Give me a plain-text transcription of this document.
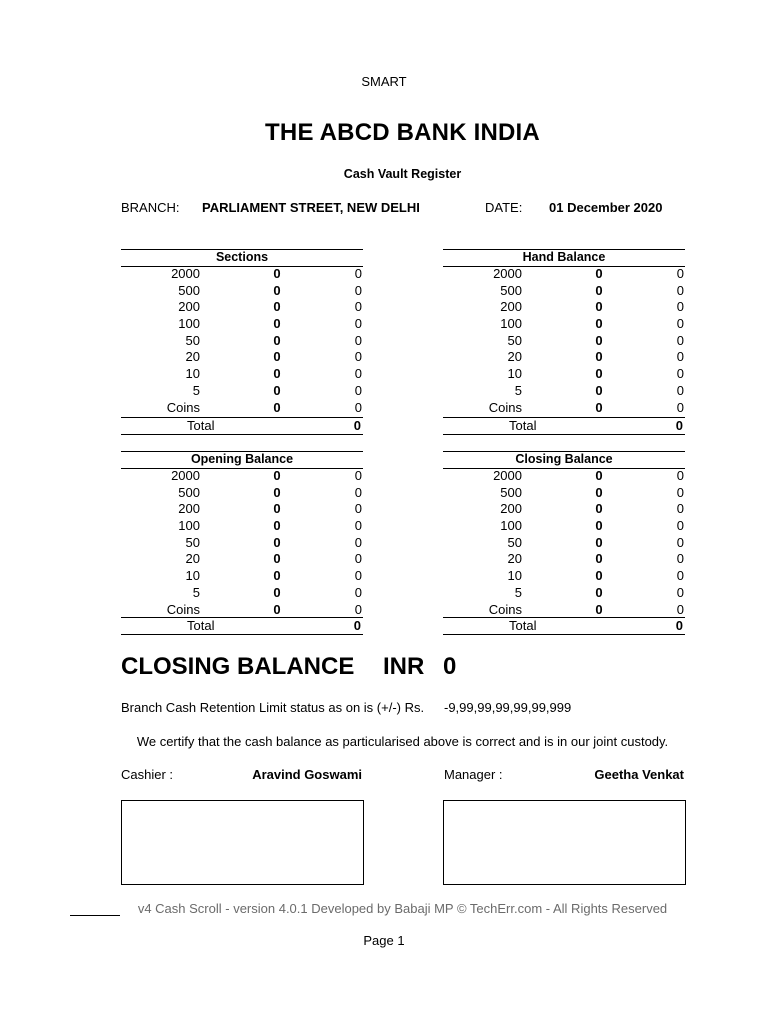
SMART
THE ABCD BANK INDIA
Cash Vault Register
BRANCH: PARLIAMENT STREET, NEW DELHI	DATE: 01 December 2020
Sections
2000	0	0
500	0	0
200	0	0
100	0	0
50	0	0
20	0	0
10	0	0
5	0	0
Coins	0	0
Total	0
Hand Balance
2000	0	0
500	0	0
200	0	0
100	0	0
50	0	0
20	0	0
10	0	0
5	0	0
Coins	0	0
Total	0
Opening Balance
2000	0	0
500	0	0
200	0	0
100	0	0
50	0	0
20	0	0
10	0	0
5	0	0
Coins	0	0
Total	0
Closing Balance
2000	0	0
500	0	0
200	0	0
100	0	0
50	0	0
20	0	0
10	0	0
5	0	0
Coins	0	0
Total	0
CLOSING BALANCE INR 0
Branch Cash Retention Limit status as on is (+/-) Rs. -9,99,99,99,99,99,999
We certify that the cash balance as particularised above is correct and is in our joint custody.
Cashier :	Aravind Goswami	Manager :	Geetha Venkat
v4 Cash Scroll - version 4.0.1 Developed by Babaji MP © TechErr.com - All Rights Reserved
Page 1
